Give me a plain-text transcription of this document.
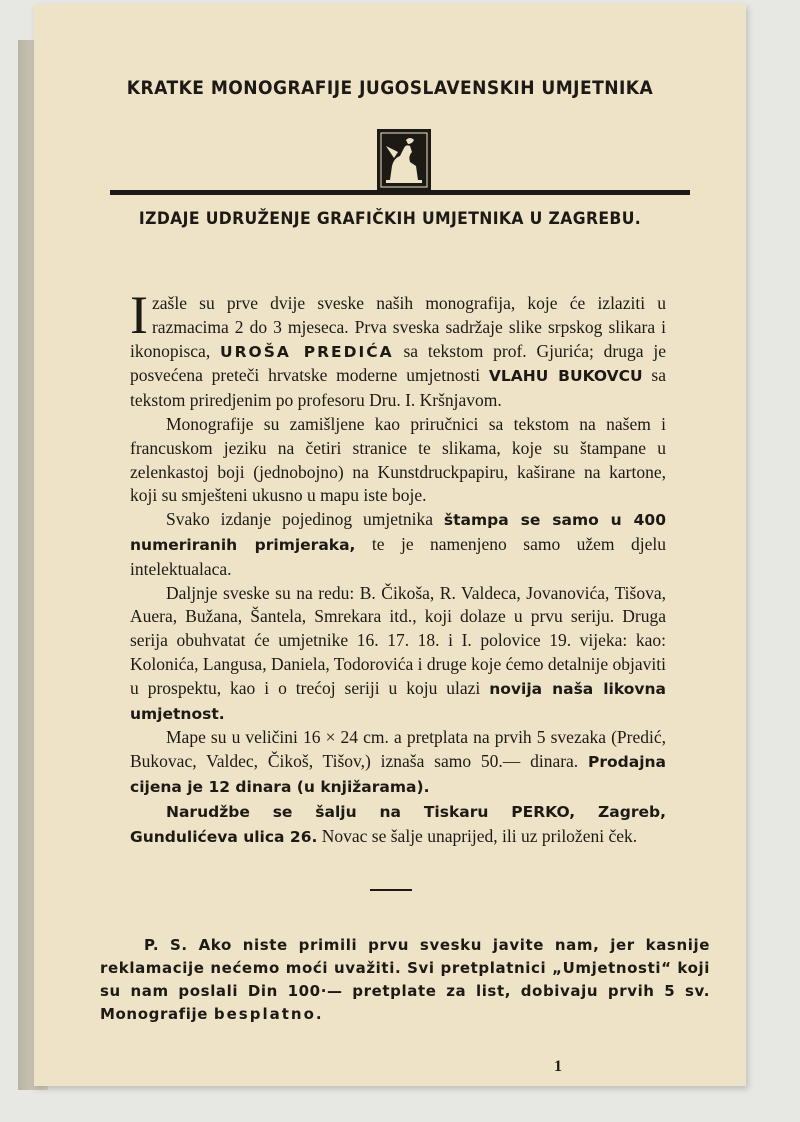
KRATKE MONOGRAFIJE JUGOSLAVENSKIH UMJETNIKA
IZDAJE UDRUŽENJE GRAFIČKIH UMJETNIKA U ZAGREBU.

Izašle su prve dvije sveske naših monografija, koje će izlaziti u razmacima 2 do 3 mjeseca. Prva sveska sadržaje slike srpskog slikara i ikonopisca, UROŠA PREDIĆA sa tekstom prof. Gjurića; druga je posvećena preteči hrvatske moderne umjetnosti VLAHU BUKOVCU sa tekstom priredjenim po profesoru Dru. I. Kršnjavom.

Monografije su zamišljene kao priručnici sa tekstom na našem i francuskom jeziku na četiri stranice te slikama, koje su štampane u zelenkastoj boji (jednobojno) na Kunstdruckpapiru, kaširane na kartone, koji su smješteni ukusno u mapu iste boje.

Svako izdanje pojedinog umjetnika štampa se samo u 400 numeriranih primjeraka, te je namenjeno samo užem djelu intelektualaca.

Daljnje sveske su na redu: B. Čikoša, R. Valdeca, Jovanovića, Tišova, Auera, Bužana, Šantela, Smrekara itd., koji dolaze u prvu seriju. Druga serija obuhvatat će umjetnike 16. 17. 18. i I. polovice 19. vijeka: kao: Kolonića, Langusa, Daniela, Todorovića i druge koje ćemo detalnije objaviti u prospektu, kao i o trećoj seriji u koju ulazi novija naša likovna umjetnost.

Mape su u veličini 16 × 24 cm. a pretplata na prvih 5 svezaka (Predić, Bukovac, Valdec, Čikoš, Tišov,) iznaša samo 50.— dinara. Prodajna cijena je 12 dinara (u knjižarama).

Narudžbe se šalju na Tiskaru PERKO, Zagreb, Gundulićeva ulica 26. Novac se šalje unaprijed, ili uz priloženi ček.

P. S. Ako niste primili prvu svesku javite nam, jer kasnije reklamacije nećemo moći uvažiti. Svi pretplatnici „Umjetnosti“ koji su nam poslali Din 100·— pretplate za list, dobivaju prvih 5 sv. Monografije besplatno.
1
